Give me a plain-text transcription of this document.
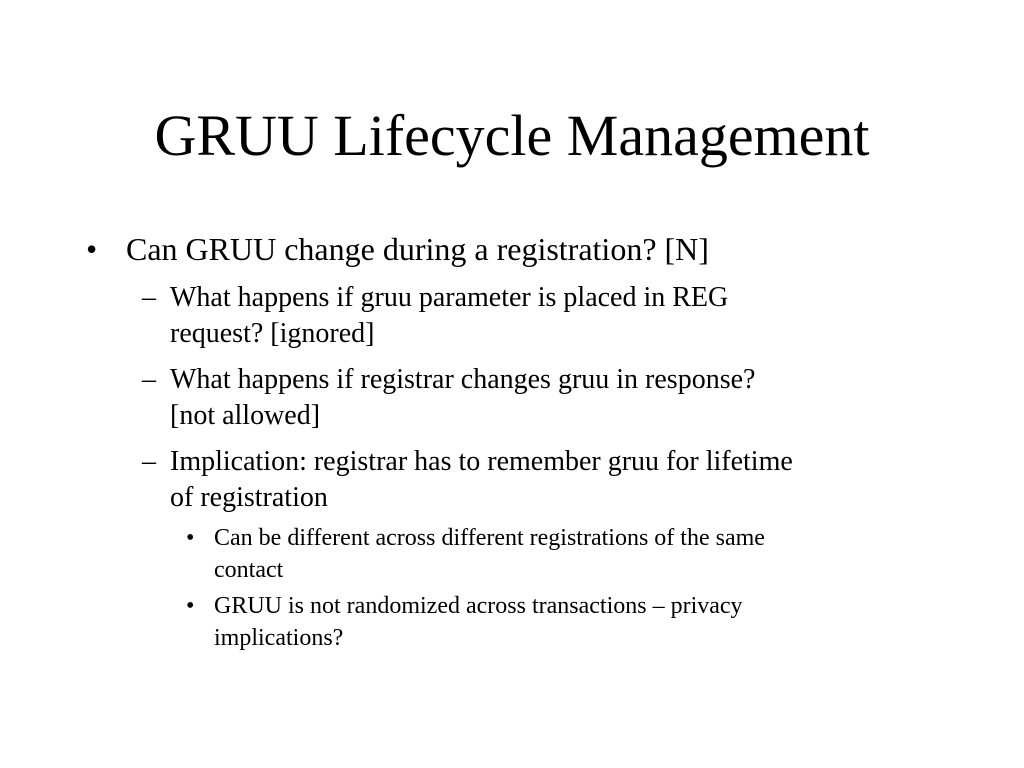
GRUU Lifecycle Management
• Can GRUU change during a registration? [N]
– What happens if gruu parameter is placed in REG
request? [ignored]
– What happens if registrar changes gruu in response?
[not allowed]
– Implication: registrar has to remember gruu for lifetime
of registration
• Can be different across different registrations of the same
contact
• GRUU is not randomized across transactions – privacy
implications?
